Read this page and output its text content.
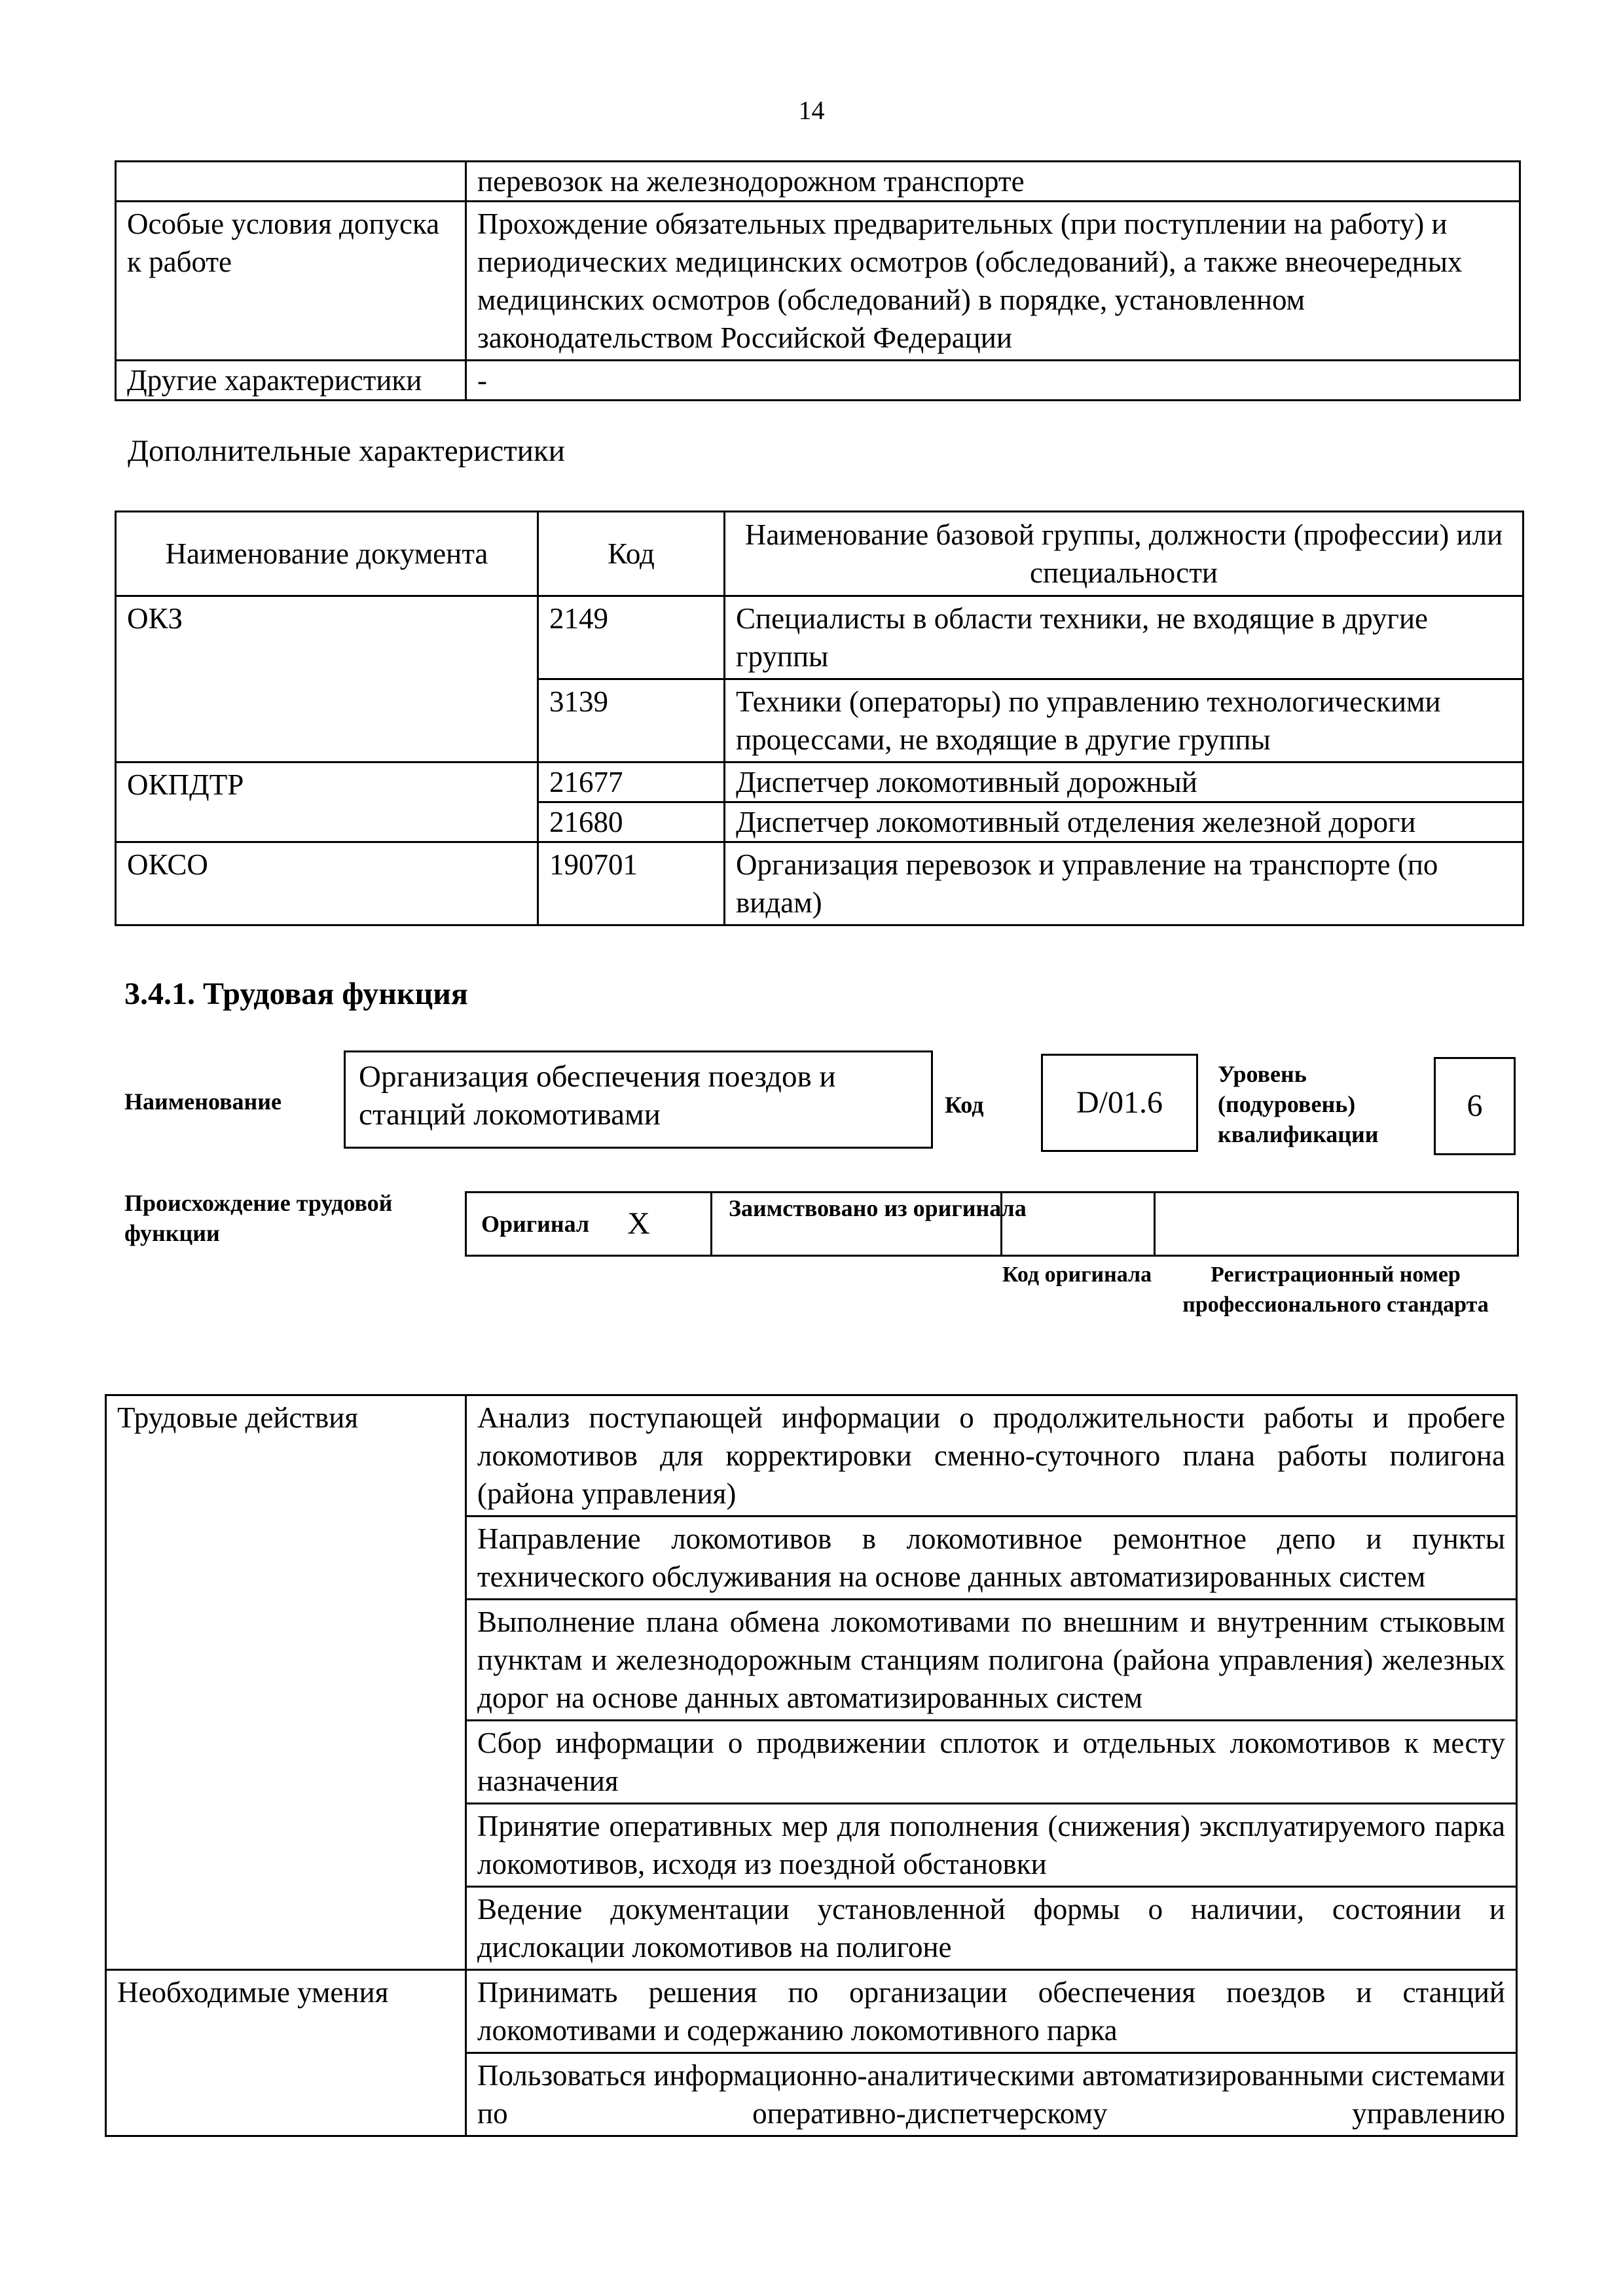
14
	перевозок на железнодорожном транспорте
Особые условия допуска к работе	Прохождение обязательных предварительных (при поступлении на работу) и периодических медицинских осмотров (обследований), а также внеочередных медицинских осмотров (обследований) в порядке, установленном законодательством Российской Федерации
Другие характеристики	-
Дополнительные характеристики
Наименование документа	Код	Наименование базовой группы, должности (профессии) или специальности
ОКЗ	2149	Специалисты в области техники, не входящие в другие группы
	3139	Техники (операторы) по управлению технологическими процессами, не входящие в другие группы
ОКПДТР	21677	Диспетчер локомотивный дорожный
	21680	Диспетчер локомотивный отделения железной дороги
ОКСО	190701	Организация перевозок и управление на транспорте (по видам)
3.4.1. Трудовая функция
Наименование
Организация обеспечения поездов и станций локомотивами	Код	D/01.6
Уровень (подуровень) квалификации
6
Происхождение трудовой функции	Оригинал X	Заимствовано из оригинала
Код оригинала	Регистрационный номер профессионального стандарта
Трудовые действия	Анализ поступающей информации о продолжительности работы и пробеге локомотивов для корректировки сменно-суточного плана работы полигона (района управления)
	Направление локомотивов в локомотивное ремонтное депо и пункты технического обслуживания на основе данных автоматизированных систем
	Выполнение плана обмена локомотивами по внешним и внутренним стыковым пунктам и железнодорожным станциям полигона (района управления) железных дорог на основе данных автоматизированных систем
	Сбор информации о продвижении сплоток и отдельных локомотивов к месту назначения
	Принятие оперативных мер для пополнения (снижения) эксплуатируемого парка локомотивов, исходя из поездной обстановки
	Ведение документации установленной формы о наличии, состоянии и дислокации локомотивов на полигоне
Необходимые умения	Принимать решения по организации обеспечения поездов и станций локомотивами и содержанию локомотивного парка
	Пользоваться информационно-аналитическими автоматизированными системами по оперативно-диспетчерскому управлению
